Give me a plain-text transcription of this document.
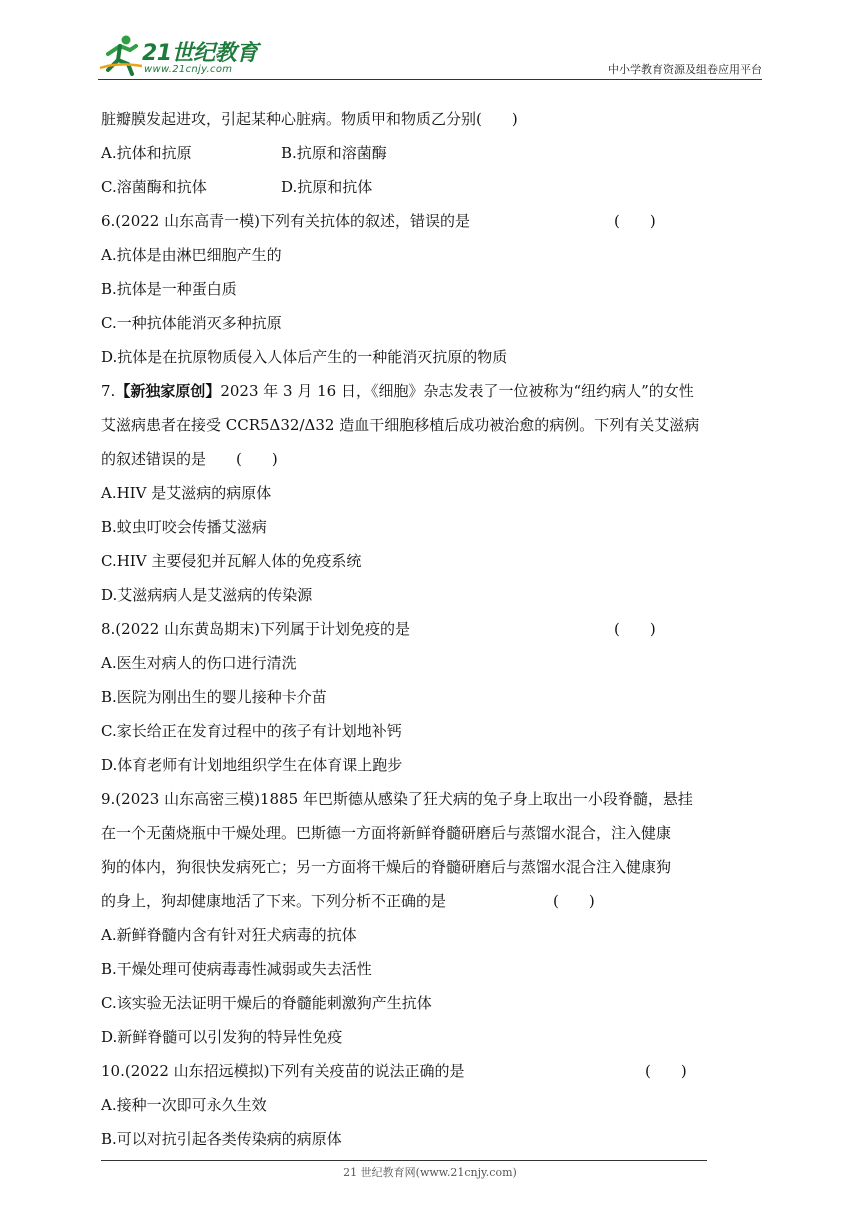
21世纪教育
www.21cnjy.com	中小学教育资源及组卷应用平台
脏瓣膜发起进攻，引起某种心脏病。物质甲和物质乙分别(　　)
A.抗体和抗原	B.抗原和溶菌酶
C.溶菌酶和抗体	D.抗原和抗体
6.(2022 山东高青一模)下列有关抗体的叙述，错误的是	(　　)
A.抗体是由淋巴细胞产生的
B.抗体是一种蛋白质
C.一种抗体能消灭多种抗原
D.抗体是在抗原物质侵入人体后产生的一种能消灭抗原的物质
7.【新独家原创】2023 年 3 月 16 日，《细胞》杂志发表了一位被称为“纽约病人”的女性
艾滋病患者在接受 CCR5Δ32/Δ32 造血干细胞移植后成功被治愈的病例。下列有关艾滋病
的叙述错误的是　　(　　)
A.HIV 是艾滋病的病原体
B.蚊虫叮咬会传播艾滋病
C.HIV 主要侵犯并瓦解人体的免疫系统
D.艾滋病病人是艾滋病的传染源
8.(2022 山东黄岛期末)下列属于计划免疫的是	(　　)
A.医生对病人的伤口进行清洗
B.医院为刚出生的婴儿接种卡介苗
C.家长给正在发育过程中的孩子有计划地补钙
D.体育老师有计划地组织学生在体育课上跑步
9.(2023 山东高密三模)1885 年巴斯德从感染了狂犬病的兔子身上取出一小段脊髓，悬挂
在一个无菌烧瓶中干燥处理。巴斯德一方面将新鲜脊髓研磨后与蒸馏水混合，注入健康
狗的体内，狗很快发病死亡；另一方面将干燥后的脊髓研磨后与蒸馏水混合注入健康狗
的身上，狗却健康地活了下来。下列分析不正确的是	(　　)
A.新鲜脊髓内含有针对狂犬病毒的抗体
B.干燥处理可使病毒毒性减弱或失去活性
C.该实验无法证明干燥后的脊髓能刺激狗产生抗体
D.新鲜脊髓可以引发狗的特异性免疫
10.(2022 山东招远模拟)下列有关疫苗的说法正确的是	(　　)
A.接种一次即可永久生效
B.可以对抗引起各类传染病的病原体
21 世纪教育网(www.21cnjy.com)
